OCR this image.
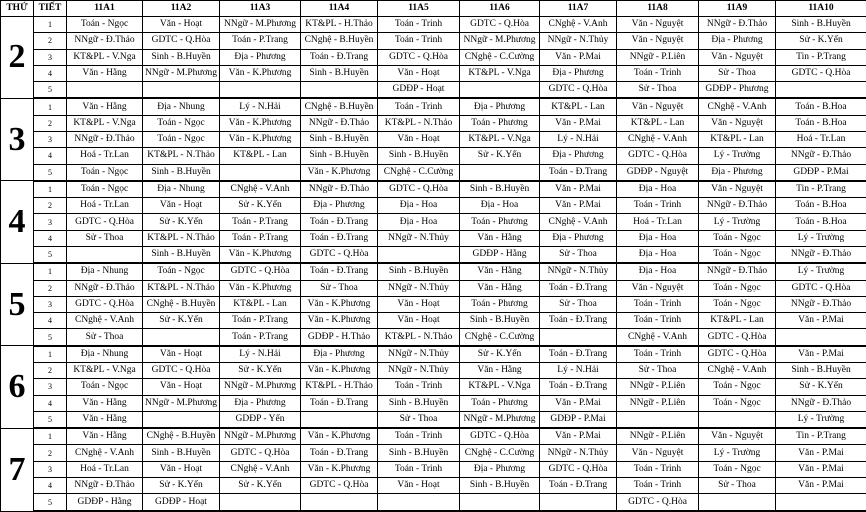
THỨ	TIẾT	11A1	11A2	11A3	11A4	11A5	11A6	11A7	11A8	11A9	11A10
2	1	Toán - Ngọc	Văn - Hoạt	NNgữ - M.Phương	KT&PL - H.Thảo	Toán - Trinh	GDTC - Q.Hòa	CNghệ - V.Anh	Văn - Nguyệt	NNgữ - Đ.Thảo	Sinh - B.Huyền
	2	NNgữ - Đ.Thảo	GDTC - Q.Hòa	Toán - P.Trang	CNghệ - B.Huyền	Toán - Trinh	NNgữ - M.Phương	NNgữ - N.Thủy	Văn - Nguyệt	Địa - Phương	Sử - K.Yến
	3	KT&PL - V.Nga	Sinh - B.Huyền	Địa - Phương	Toán - Đ.Trang	GDTC - Q.Hòa	CNghệ - C.Cường	Văn - P.Mai	NNgữ - P.Liên	Văn - Nguyệt	Tin - P.Trang
	4	Văn - Hằng	NNgữ - M.Phương	Văn - K.Phương	Sinh - B.Huyền	Văn - Hoạt	KT&PL - V.Nga	Địa - Phương	Toán - Trinh	Sử - Thoa	GDTC - Q.Hòa
	5					GDĐP - Hoạt		GDTC - Q.Hòa	Sử - Thoa	GDĐP - Phương	
3	1	Văn - Hằng	Địa - Nhung	Lý - N.Hải	CNghệ - B.Huyền	Toán - Trinh	Địa - Phương	KT&PL - Lan	Văn - Nguyệt	CNghệ - V.Anh	Toán - B.Hoa
	2	KT&PL - V.Nga	Toán - Ngọc	Văn - K.Phương	NNgữ - Đ.Thảo	KT&PL - N.Thảo	Toán - Phương	Văn - P.Mai	KT&PL - Lan	Văn - Nguyệt	Toán - B.Hoa
	3	NNgữ - Đ.Thảo	Toán - Ngọc	Văn - K.Phương	Sinh - B.Huyền	Văn - Hoạt	KT&PL - V.Nga	Lý - N.Hải	CNghệ - V.Anh	KT&PL - Lan	Hoá - Tr.Lan
	4	Hoá - Tr.Lan	KT&PL - N.Thảo	KT&PL - Lan	Sinh - B.Huyền	Sinh - B.Huyền	Sử - K.Yến	Địa - Phương	GDTC - Q.Hòa	Lý - Trường	NNgữ - Đ.Thảo
	5	Toán - Ngọc	Sinh - B.Huyền		Văn - K.Phương	CNghệ - C.Cường		Toán - Đ.Trang	GDĐP - Nguyệt	Địa - Phương	GDĐP - P.Mai
4	1	Toán - Ngọc	Địa - Nhung	CNghệ - V.Anh	NNgữ - Đ.Thảo	GDTC - Q.Hòa	Sinh - B.Huyền	Văn - P.Mai	Địa - Hoa	Văn - Nguyệt	Tin - P.Trang
	2	Hoá - Tr.Lan	Văn - Hoạt	Sử - K.Yến	Địa - Phương	Địa - Hoa	Địa - Hoa	Văn - P.Mai	Toán - Trinh	NNgữ - Đ.Thảo	Toán - B.Hoa
	3	GDTC - Q.Hòa	Sử - K.Yến	Toán - P.Trang	Toán - Đ.Trang	Địa - Hoa	Toán - Phương	CNghệ - V.Anh	Hoá - Tr.Lan	Lý - Trường	Toán - B.Hoa
	4	Sử - Thoa	KT&PL - N.Thảo	Toán - P.Trang	Toán - Đ.Trang	NNgữ - N.Thủy	Văn - Hằng	Địa - Phương	Địa - Hoa	Toán - Ngọc	Lý - Trường
	5		Sinh - B.Huyền	Văn - K.Phương	GDTC - Q.Hòa		GDĐP - Hằng	Sử - Thoa	Địa - Hoa	Toán - Ngọc	NNgữ - Đ.Thảo
5	1	Địa - Nhung	Toán - Ngọc	GDTC - Q.Hòa	Toán - Đ.Trang	Sinh - B.Huyền	Văn - Hằng	NNgữ - N.Thủy	Địa - Hoa	NNgữ - Đ.Thảo	Lý - Trường
	2	NNgữ - Đ.Thảo	KT&PL - N.Thảo	Văn - K.Phương	Sử - Thoa	NNgữ - N.Thủy	Văn - Hằng	Toán - Đ.Trang	Văn - Nguyệt	Toán - Ngọc	GDTC - Q.Hòa
	3	GDTC - Q.Hòa	CNghệ - B.Huyền	KT&PL - Lan	Văn - K.Phương	Văn - Hoạt	Toán - Phương	Sử - Thoa	Toán - Trinh	Toán - Ngọc	NNgữ - Đ.Thảo
	4	CNghệ - V.Anh	Sử - K.Yến	Toán - P.Trang	Văn - K.Phương	Văn - Hoạt	Sinh - B.Huyền	Toán - Đ.Trang	Toán - Trinh	KT&PL - Lan	Văn - P.Mai
	5	Sử - Thoa		Toán - P.Trang	GDĐP - H.Thảo	KT&PL - N.Thảo	CNghệ - C.Cường		CNghệ - V.Anh	GDTC - Q.Hòa	
6	1	Địa - Nhung	Văn - Hoạt	Lý - N.Hải	Địa - Phương	NNgữ - N.Thủy	Sử - K.Yến	Toán - Đ.Trang	Toán - Trinh	GDTC - Q.Hòa	Văn - P.Mai
	2	KT&PL - V.Nga	GDTC - Q.Hòa	Sử - K.Yến	Văn - K.Phương	NNgữ - N.Thủy	Văn - Hằng	Lý - N.Hải	Sử - Thoa	CNghệ - V.Anh	Sinh - B.Huyền
	3	Toán - Ngọc	Văn - Hoạt	NNgữ - M.Phương	KT&PL - H.Thảo	Toán - Trinh	KT&PL - V.Nga	Toán - Đ.Trang	NNgữ - P.Liên	Toán - Ngọc	Sử - K.Yến
	4	Văn - Hằng	NNgữ - M.Phương	Địa - Phương	Toán - Đ.Trang	Sinh - B.Huyền	Toán - Phương	Văn - P.Mai	NNgữ - P.Liên	Toán - Ngọc	NNgữ - Đ.Thảo
	5	Văn - Hằng		GDĐP - Yến		Sử - Thoa	NNgữ - M.Phương	GDĐP - P.Mai			Lý - Trường
7	1	Văn - Hằng	CNghệ - B.Huyền	NNgữ - M.Phương	Văn - K.Phương	Toán - Trinh	GDTC - Q.Hòa	Văn - P.Mai	NNgữ - P.Liên	Văn - Nguyệt	Tin - P.Trang
	2	CNghệ - V.Anh	Sinh - B.Huyền	GDTC - Q.Hòa	Toán - Đ.Trang	Sinh - B.Huyền	CNghệ - C.Cường	NNgữ - N.Thủy	Văn - Nguyệt	Lý - Trường	Văn - P.Mai
	3	Hoá - Tr.Lan	Văn - Hoạt	CNghệ - V.Anh	Văn - K.Phương	Toán - Trinh	Địa - Phương	GDTC - Q.Hòa	Toán - Trinh	Toán - Ngọc	Văn - P.Mai
	4	NNgữ - Đ.Thảo	Sử - K.Yến	Sử - K.Yến	GDTC - Q.Hòa	Văn - Hoạt	Sinh - B.Huyền	Toán - Đ.Trang	Toán - Trinh	Sử - Thoa	Văn - P.Mai
	5	GDĐP - Hằng	GDĐP - Hoạt						GDTC - Q.Hòa		
